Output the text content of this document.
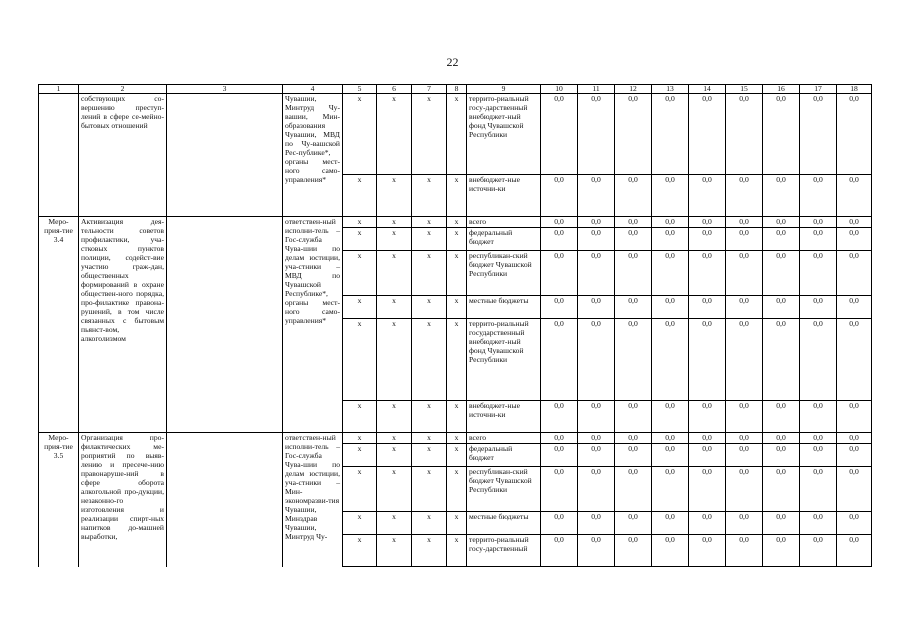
22
1	2	3	4	5	6	7	8	9	10	11	12	13	14	15	16	17	18
	собствующих со-вершению преступ-лений в сфере се-мейно-бытовых отношений		Чувашии, Минтруд Чу-вашии, Мин-образования Чувашии, МВД по Чу-вашской Рес-публике*, органы мест-ного само-управления*	х	х	х	х	террито-риальный госу-дарственный внебюджет-ный фонд Чувашской Республики	0,0	0,0	0,0	0,0	0,0	0,0	0,0	0,0	0,0
				х	х	х	х	внебюджет-ные источни-ки	0,0	0,0	0,0	0,0	0,0	0,0	0,0	0,0	0,0
Меро-прия-тие 3.4	Активизация дея-тельности советов профилактики, уча-стковых пунктов полиции, содейст-вие участию граж-дан, общественных формирований в охране обществен-ного порядка, про-филактике правона-рушений, в том числе связанных с бытовым пьянст-вом, алкоголизмом		ответствен-ный исполни-тель – Гос-служба Чува-шии по делам юстиции, уча-стники – МВД по Чувашской Республике*, органы мест-ного само-управления*	х	х	х	х	всего	0,0	0,0	0,0	0,0	0,0	0,0	0,0	0,0	0,0
				х	х	х	х	федеральный бюджет	0,0	0,0	0,0	0,0	0,0	0,0	0,0	0,0	0,0
				х	х	х	х	республикан-ский бюджет Чувашской Республики	0,0	0,0	0,0	0,0	0,0	0,0	0,0	0,0	0,0
				х	х	х	х	местные бюджеты	0,0	0,0	0,0	0,0	0,0	0,0	0,0	0,0	0,0
				х	х	х	х	террито-риальный государственный внебюджет-ный фонд Чувашской Республики	0,0	0,0	0,0	0,0	0,0	0,0	0,0	0,0	0,0
				х	х	х	х	внебюджет-ные источни-ки	0,0	0,0	0,0	0,0	0,0	0,0	0,0	0,0	0,0
Меро-прия-тие 3.5	Организация про-филактических ме-роприятий по выяв-лению и пресече-нию правонаруше-ний в сфере оборота алкогольной про-дукции, незаконно-го изготовления и реализации спирт-ных напитков до-машней выработки,		ответствен-ный исполни-тель – Гос-служба Чува-шии по делам юстиции, уча-стники – Мин-экономразви-тия Чувашии, Минздрав Чувашии, Минтруд Чу-	х	х	х	х	всего	0,0	0,0	0,0	0,0	0,0	0,0	0,0	0,0	0,0
				х	х	х	х	федеральный бюджет	0,0	0,0	0,0	0,0	0,0	0,0	0,0	0,0	0,0
				х	х	х	х	республикан-ский бюджет Чувашской Республики	0,0	0,0	0,0	0,0	0,0	0,0	0,0	0,0	0,0
				х	х	х	х	местные бюджеты	0,0	0,0	0,0	0,0	0,0	0,0	0,0	0,0	0,0
				х	х	х	х	террито-риальный госу-дарственный	0,0	0,0	0,0	0,0	0,0	0,0	0,0	0,0	0,0
